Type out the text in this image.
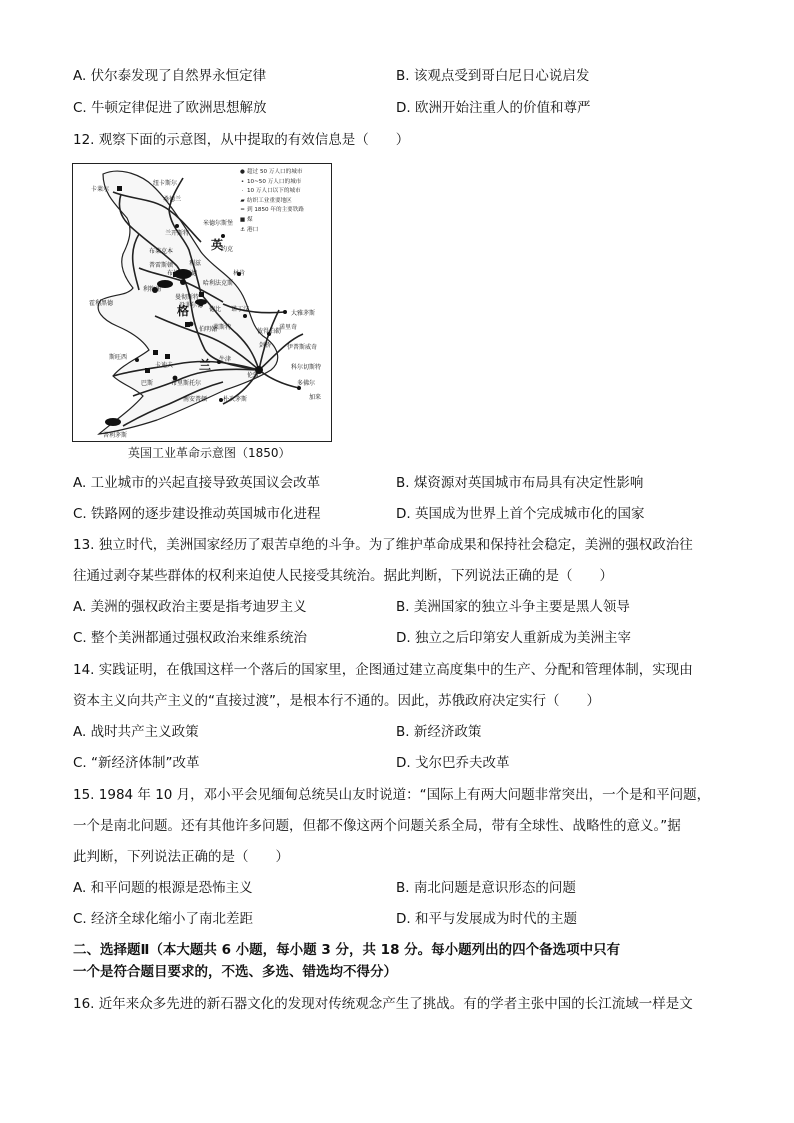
A. 伏尔泰发现了自然界永恒定律	B. 该观点受到哥白尼日心说启发
C. 牛顿定律促进了欧洲思想解放	D. 欧洲开始注重人的价值和尊严
12. 观察下面的示意图，从中提取的有效信息是（　　）
● 超过 50 万人口的城市
• 10~50 万人口的城市
· 10 万人口以下的城市
▰ 纺织工业重要地区
━ 到 1850 年的主要铁路
■ 煤
⚓ 港口
英
格
兰
卡莱尔
纽卡斯尔
桑德兰
米德尔斯堡
约克
利兹
布拉德福德
哈利法克斯
兰开斯特
布莱克本
普雷斯顿
曼彻斯特
利物浦
霍利黑德	设菲尔德
林肯
诺丁汉
德比
诺里奇
大雅茅斯
莱斯特
伯明翰	彼得伯勒
剑桥	伊普斯威奇
牛津
伦敦
斯旺西
卡迪夫
布里斯托尔
巴斯
南安普顿	朴次茅斯
多佛尔
普利茅斯
科尔切斯特
加来
英国工业革命示意图（1850）
A. 工业城市的兴起直接导致英国议会改革	B. 煤资源对英国城市布局具有决定性影响
C. 铁路网的逐步建设推动英国城市化进程	D. 英国成为世界上首个完成城市化的国家
13. 独立时代，美洲国家经历了艰苦卓绝的斗争。为了维护革命成果和保持社会稳定，美洲的强权政治往
往通过剥夺某些群体的权利来迫使人民接受其统治。据此判断，下列说法正确的是（　　）
A. 美洲的强权政治主要是指考迪罗主义	B. 美洲国家的独立斗争主要是黑人领导
C. 整个美洲都通过强权政治来维系统治	D. 独立之后印第安人重新成为美洲主宰
14. 实践证明，在俄国这样一个落后的国家里，企图通过建立高度集中的生产、分配和管理体制，实现由
资本主义向共产主义的“直接过渡”，是根本行不通的。因此，苏俄政府决定实行（　　）
A. 战时共产主义政策	B. 新经济政策
C. “新经济体制”改革	D. 戈尔巴乔夫改革
15. 1984 年 10 月，邓小平会见缅甸总统吴山友时说道：“国际上有两大问题非常突出，一个是和平问题，
一个是南北问题。还有其他许多问题，但都不像这两个问题关系全局，带有全球性、战略性的意义。”据
此判断，下列说法正确的是（　　）
A. 和平问题的根源是恐怖主义	B. 南北问题是意识形态的问题
C. 经济全球化缩小了南北差距	D. 和平与发展成为时代的主题
二、选择题Ⅱ（本大题共 6 小题，每小题 3 分，共 18 分。每小题列出的四个备选项中只有
一个是符合题目要求的，不选、多选、错选均不得分）
16. 近年来众多先进的新石器文化的发现对传统观念产生了挑战。有的学者主张中国的长江流域一样是文
